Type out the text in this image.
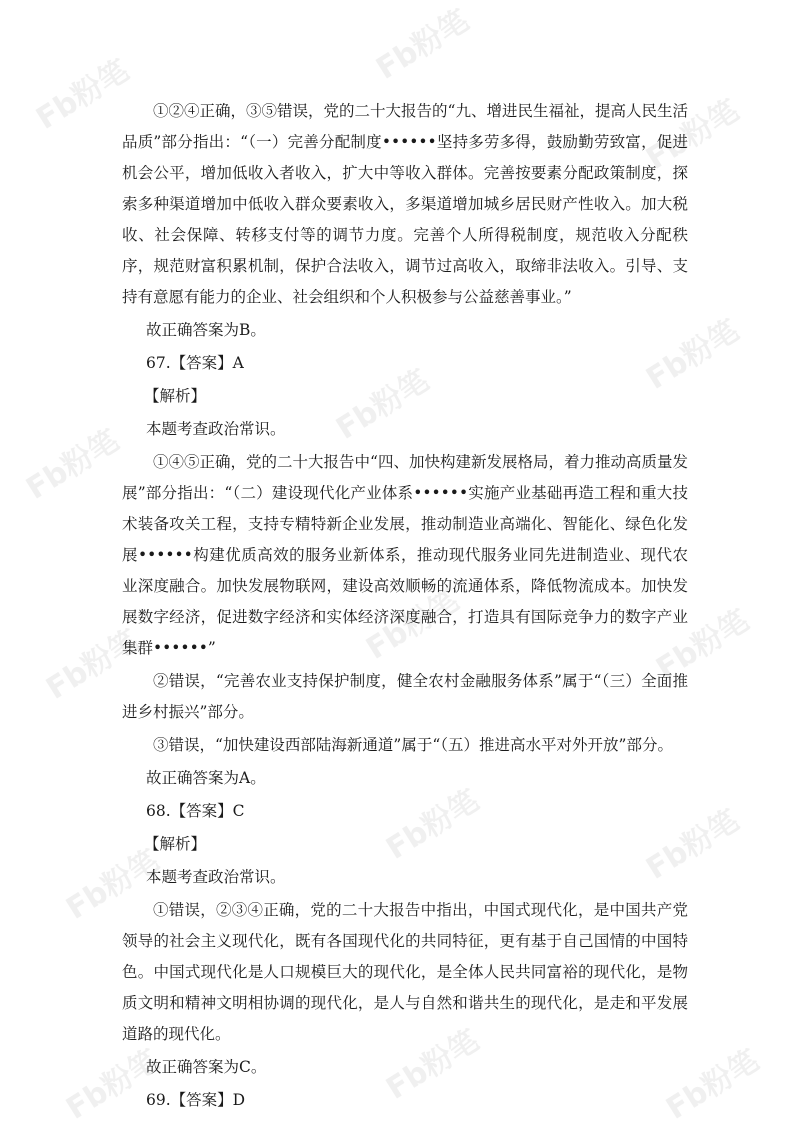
Fb粉笔
Fb粉笔
Fb粉笔
Fb粉笔
Fb粉笔
Fb粉笔
Fb粉笔	Fb粉笔	Fb粉笔
Fb粉笔
Fb粉笔	Fb粉笔
Fb粉笔	Fb粉笔	Fb粉笔

①②④正确，③⑤错误，党的二十大报告的“九、增进民生福祉，提高人民生活品质”部分指出：“（一）完善分配制度••••••坚持多劳多得，鼓励勤劳致富，促进机会公平，增加低收入者收入，扩大中等收入群体。完善按要素分配政策制度，探索多种渠道增加中低收入群众要素收入，多渠道增加城乡居民财产性收入。加大税收、社会保障、转移支付等的调节力度。完善个人所得税制度，规范收入分配秩序，规范财富积累机制，保护合法收入，调节过高收入，取缔非法收入。引导、支持有意愿有能力的企业、社会组织和个人积极参与公益慈善事业。”

故正确答案为B。

67.【答案】A

【解析】

本题考查政治常识。

①④⑤正确，党的二十大报告中“四、加快构建新发展格局，着力推动高质量发展”部分指出：“（二）建设现代化产业体系••••••实施产业基础再造工程和重大技术装备攻关工程，支持专精特新企业发展，推动制造业高端化、智能化、绿色化发展••••••构建优质高效的服务业新体系，推动现代服务业同先进制造业、现代农业深度融合。加快发展物联网，建设高效顺畅的流通体系，降低物流成本。加快发展数字经济，促进数字经济和实体经济深度融合，打造具有国际竞争力的数字产业集群••••••”

②错误，“完善农业支持保护制度，健全农村金融服务体系”属于“（三）全面推进乡村振兴”部分。

③错误，“加快建设西部陆海新通道”属于“（五）推进高水平对外开放”部分。

故正确答案为A。

68.【答案】C

【解析】

本题考查政治常识。

①错误，②③④正确，党的二十大报告中指出，中国式现代化，是中国共产党领导的社会主义现代化，既有各国现代化的共同特征，更有基于自己国情的中国特色。中国式现代化是人口规模巨大的现代化，是全体人民共同富裕的现代化，是物质文明和精神文明相协调的现代化，是人与自然和谐共生的现代化，是走和平发展道路的现代化。

故正确答案为C。

69.【答案】D
